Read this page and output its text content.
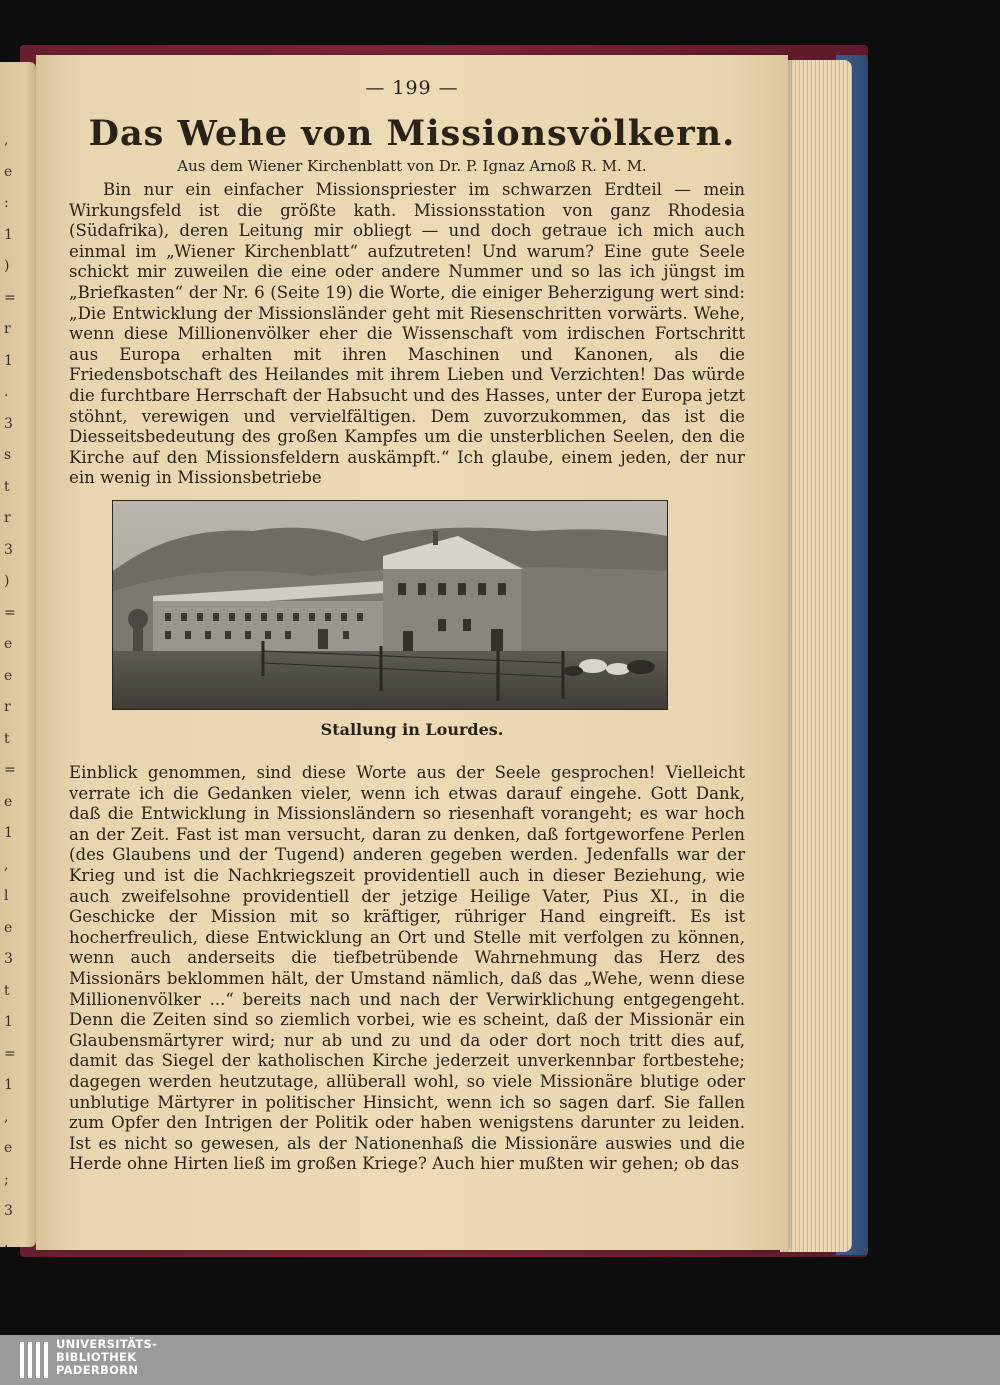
,
e
:
1
)
=
r
1
.
3
s
t
r
3
)
=
e
e
r
t
=
e
1
,
l
e
3
t
1
=
1
,
e
;
3
.
— 199 —
Das Wehe von Missionsvölkern.
Aus dem Wiener Kirchenblatt von Dr. P. Ignaz Arnoß R. M. M.

Bin nur ein einfacher Missionspriester im schwarzen Erdteil — mein Wirkungsfeld ist die größte kath. Missionsstation von ganz Rhodesia (Südafrika), deren Leitung mir obliegt — und doch getraue ich mich auch einmal im „Wiener Kirchenblatt“ aufzutreten! Und warum? Eine gute Seele schickt mir zuweilen die eine oder andere Nummer und so las ich jüngst im „Briefkasten“ der Nr. 6 (Seite 19) die Worte, die einiger Beherzigung wert sind: „Die Entwicklung der Missionsländer geht mit Riesenschritten vorwärts. Wehe, wenn diese Millionenvölker eher die Wissenschaft vom irdischen Fortschritt aus Europa erhalten mit ihren Maschinen und Kanonen, als die Friedensbotschaft des Heilandes mit ihrem Lieben und Verzichten! Das würde die furchtbare Herrschaft der Habsucht und des Hasses, unter der Europa jetzt stöhnt, verewigen und vervielfältigen. Dem zuvorzukommen, das ist die Diesseitsbedeutung des großen Kampfes um die unsterblichen Seelen, den die Kirche auf den Missionsfeldern auskämpft.“ Ich glaube, einem jeden, der nur ein wenig in Missionsbetriebe

Stallung in Lourdes.

Einblick genommen, sind diese Worte aus der Seele gesprochen! Vielleicht verrate ich die Gedanken vieler, wenn ich etwas darauf eingehe. Gott Dank, daß die Entwicklung in Missionsländern so riesenhaft vorangeht; es war hoch an der Zeit. Fast ist man versucht, daran zu denken, daß fortgeworfene Perlen (des Glaubens und der Tugend) anderen gegeben werden. Jedenfalls war der Krieg und ist die Nachkriegszeit providentiell auch in dieser Beziehung, wie auch zweifelsohne providentiell der jetzige Heilige Vater, Pius XI., in die Geschicke der Mission mit so kräftiger, rühriger Hand eingreift. Es ist hocherfreulich, diese Entwicklung an Ort und Stelle mit verfolgen zu können, wenn auch anderseits die tiefbetrübende Wahrnehmung das Herz des Missionärs beklommen hält, der Umstand nämlich, daß das „Wehe, wenn diese Millionenvölker ...“ bereits nach und nach der Verwirklichung entgegengeht. Denn die Zeiten sind so ziemlich vorbei, wie es scheint, daß der Missionär ein Glaubensmärtyrer wird; nur ab und zu und da oder dort noch tritt dies auf, damit das Siegel der katholischen Kirche jederzeit unverkennbar fortbestehe; dagegen werden heutzutage, allüberall wohl, so viele Missionäre blutige oder unblutige Märtyrer in politischer Hinsicht, wenn ich so sagen darf. Sie fallen zum Opfer den Intrigen der Politik oder haben wenigstens darunter zu leiden. Ist es nicht so gewesen, als der Nationenhaß die Missionäre auswies und die Herde ohne Hirten ließ im großen Kriege? Auch hier mußten wir gehen; ob das

UNIVERSITÄTS-
BIBLIOTHEK
PADERBORN
